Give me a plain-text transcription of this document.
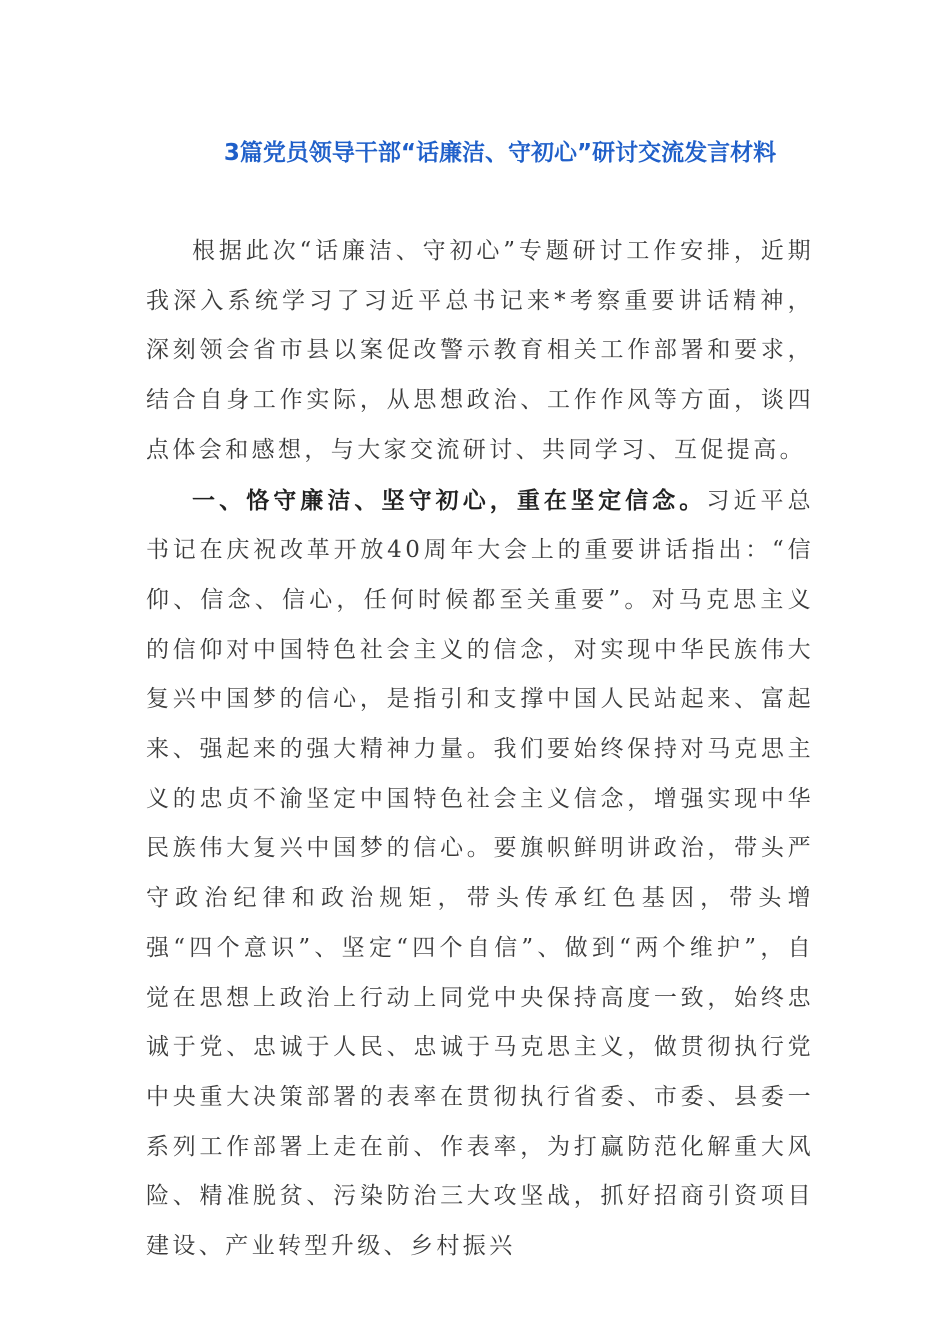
3篇党员领导干部“话廉洁、守初心”研讨交流发言材料

根据此次“话廉洁、守初心”专题研讨工作安排，近期我深入系统学习了习近平总书记来*考察重要讲话精神，深刻领会省市县以案促改警示教育相关工作部署和要求，结合自身工作实际，从思想政治、工作作风等方面，谈四点体会和感想，与大家交流研讨、共同学习、互促提高。

一、恪守廉洁、坚守初心，重在坚定信念。习近平总书记在庆祝改革开放40周年大会上的重要讲话指出：“信仰、信念、信心，任何时候都至关重要”。对马克思主义的信仰对中国特色社会主义的信念，对实现中华民族伟大复兴中国梦的信心，是指引和支撑中国人民站起来、富起来、强起来的强大精神力量。我们要始终保持对马克思主义的忠贞不渝坚定中国特色社会主义信念，增强实现中华民族伟大复兴中国梦的信心。要旗帜鲜明讲政治，带头严守政治纪律和政治规矩，带头传承红色基因，带头增强“四个意识”、坚定“四个自信”、做到“两个维护”，自觉在思想上政治上行动上同党中央保持高度一致，始终忠诚于党、忠诚于人民、忠诚于马克思主义，做贯彻执行党中央重大决策部署的表率在贯彻执行省委、市委、县委一系列工作部署上走在前、作表率，为打赢防范化解重大风险、精准脱贫、污染防治三大攻坚战，抓好招商引资项目建设、产业转型升级、乡村振兴
